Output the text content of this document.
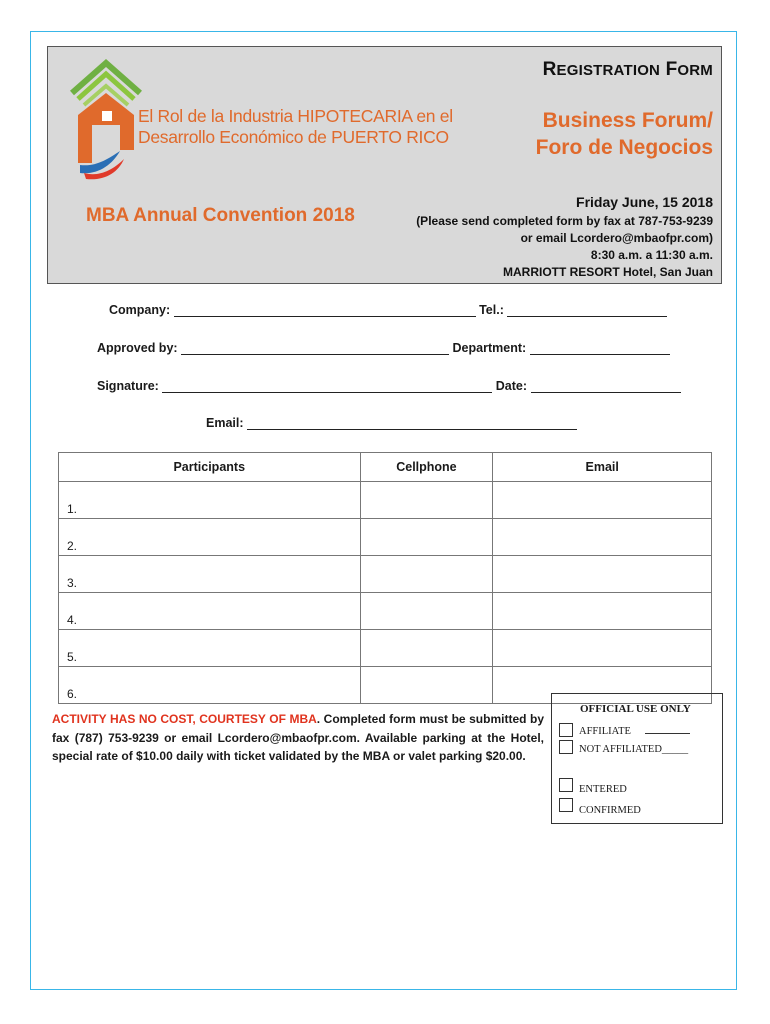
El Rol de la Industria HIPOTECARIA en el
Desarrollo Económico de PUERTO RICO
REGISTRATION FORM
Business Forum/
Foro de Negocios
MBA Annual Convention 2018
Friday June, 15 2018
(Please send completed form by fax at 787-753-9239
or email Lcordero@mbaofpr.com)
8:30 a.m. a 11:30 a.m.
MARRIOTT RESORT Hotel, San Juan
Company:	Tel.:
Approved by:	Department:
Signature:	Date:
Email:
Participants	Cellphone	Email
1.		
2.		
3.		
4.		
5.		
6.		
ACTIVITY HAS NO COST, COURTESY OF MBA. Completed form must be submitted by fax (787) 753-9239 or email Lcordero@mbaofpr.com. Available parking at the Hotel, special rate of $10.00 daily with ticket validated by the MBA or valet parking $20.00.
OFFICIAL USE ONLY
AFFILIATE
NOT AFFILIATED_____
ENTERED
CONFIRMED
